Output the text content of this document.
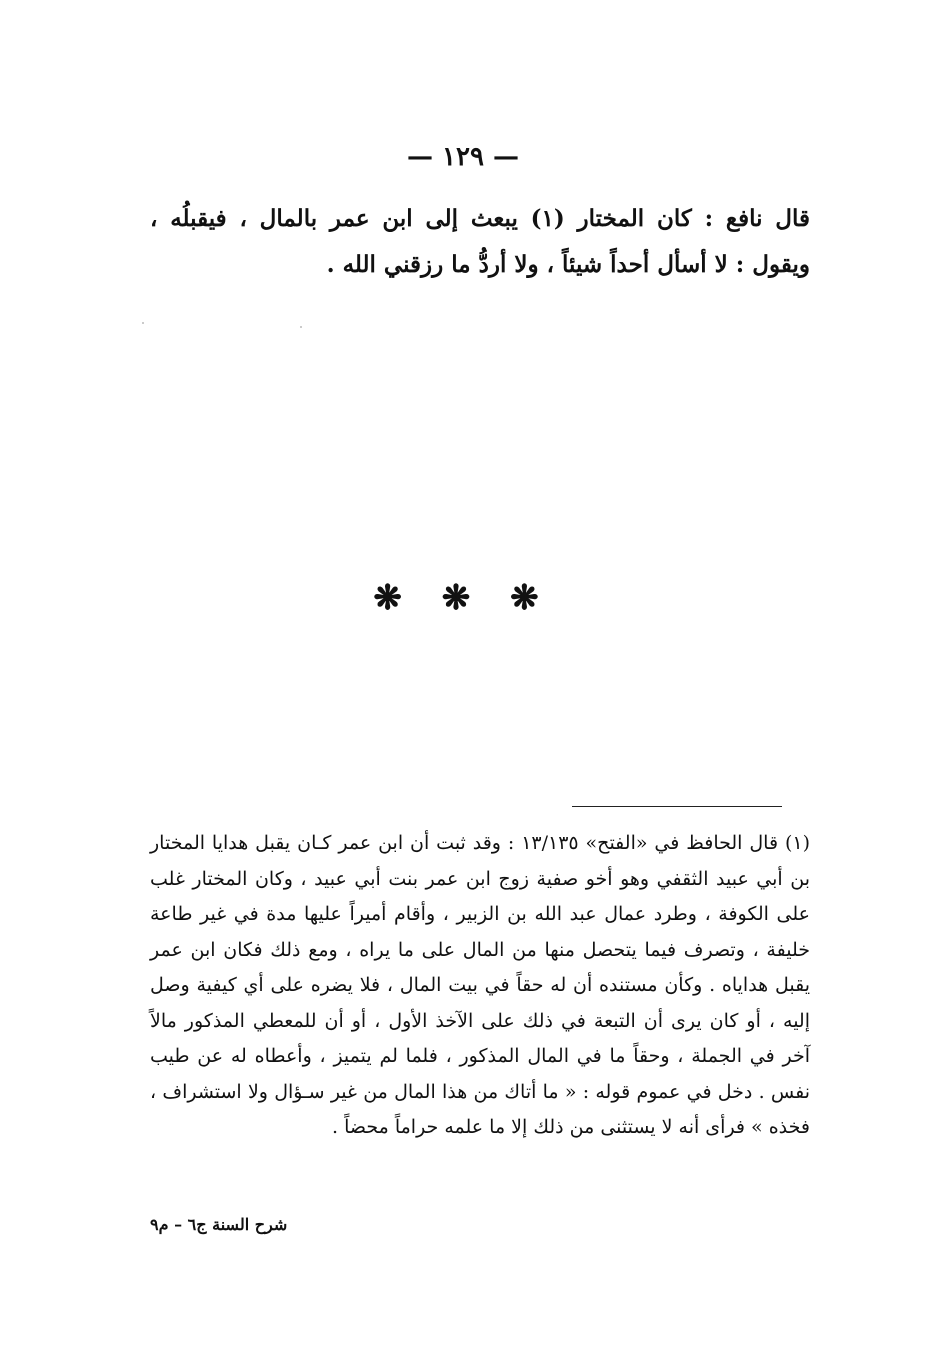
— ١٢٩ —
قال نافع : كان المختار (١) يبعث إلى ابن عمر بالمال ، فيقبلُه ، ويقول : لا أسأل أحداً شيئاً ، ولا أردُّ ما رزقني الله .
❋ ❋ ❋
(١) قال الحافظ في «الفتح» ١٣/١٣٥ : وقد ثبت أن ابن عمر كـان يقبل هدايا المختار بن أبي عبيد الثقفي وهو أخو صفية زوج ابن عمر بنت أبي عبيد ، وكان المختار غلب على الكوفة ، وطرد عمال عبد الله بن الزبير ، وأقام أميراً عليها مدة في غير طاعة خليفة ، وتصرف فيما يتحصل منها من المال على ما يراه ، ومع ذلك فكان ابن عمر يقبل هداياه . وكأن مستنده أن له حقاً في بيت المال ، فلا يضره على أي كيفية وصل إليه ، أو كان يرى أن التبعة في ذلك على الآخذ الأول ، أو أن للمعطي المذكور مالاً آخر في الجملة ، وحقاً ما في المال المذكور ، فلما لم يتميز ، وأعطاه له عن طيب نفس . دخل في عموم قوله : « ما أتاك من هذا المال من غير سـؤال ولا استشراف ، فخذه » فرأى أنه لا يستثنى من ذلك إلا ما علمه حراماً محضاً .
شرح السنة ج٦ – م٩
